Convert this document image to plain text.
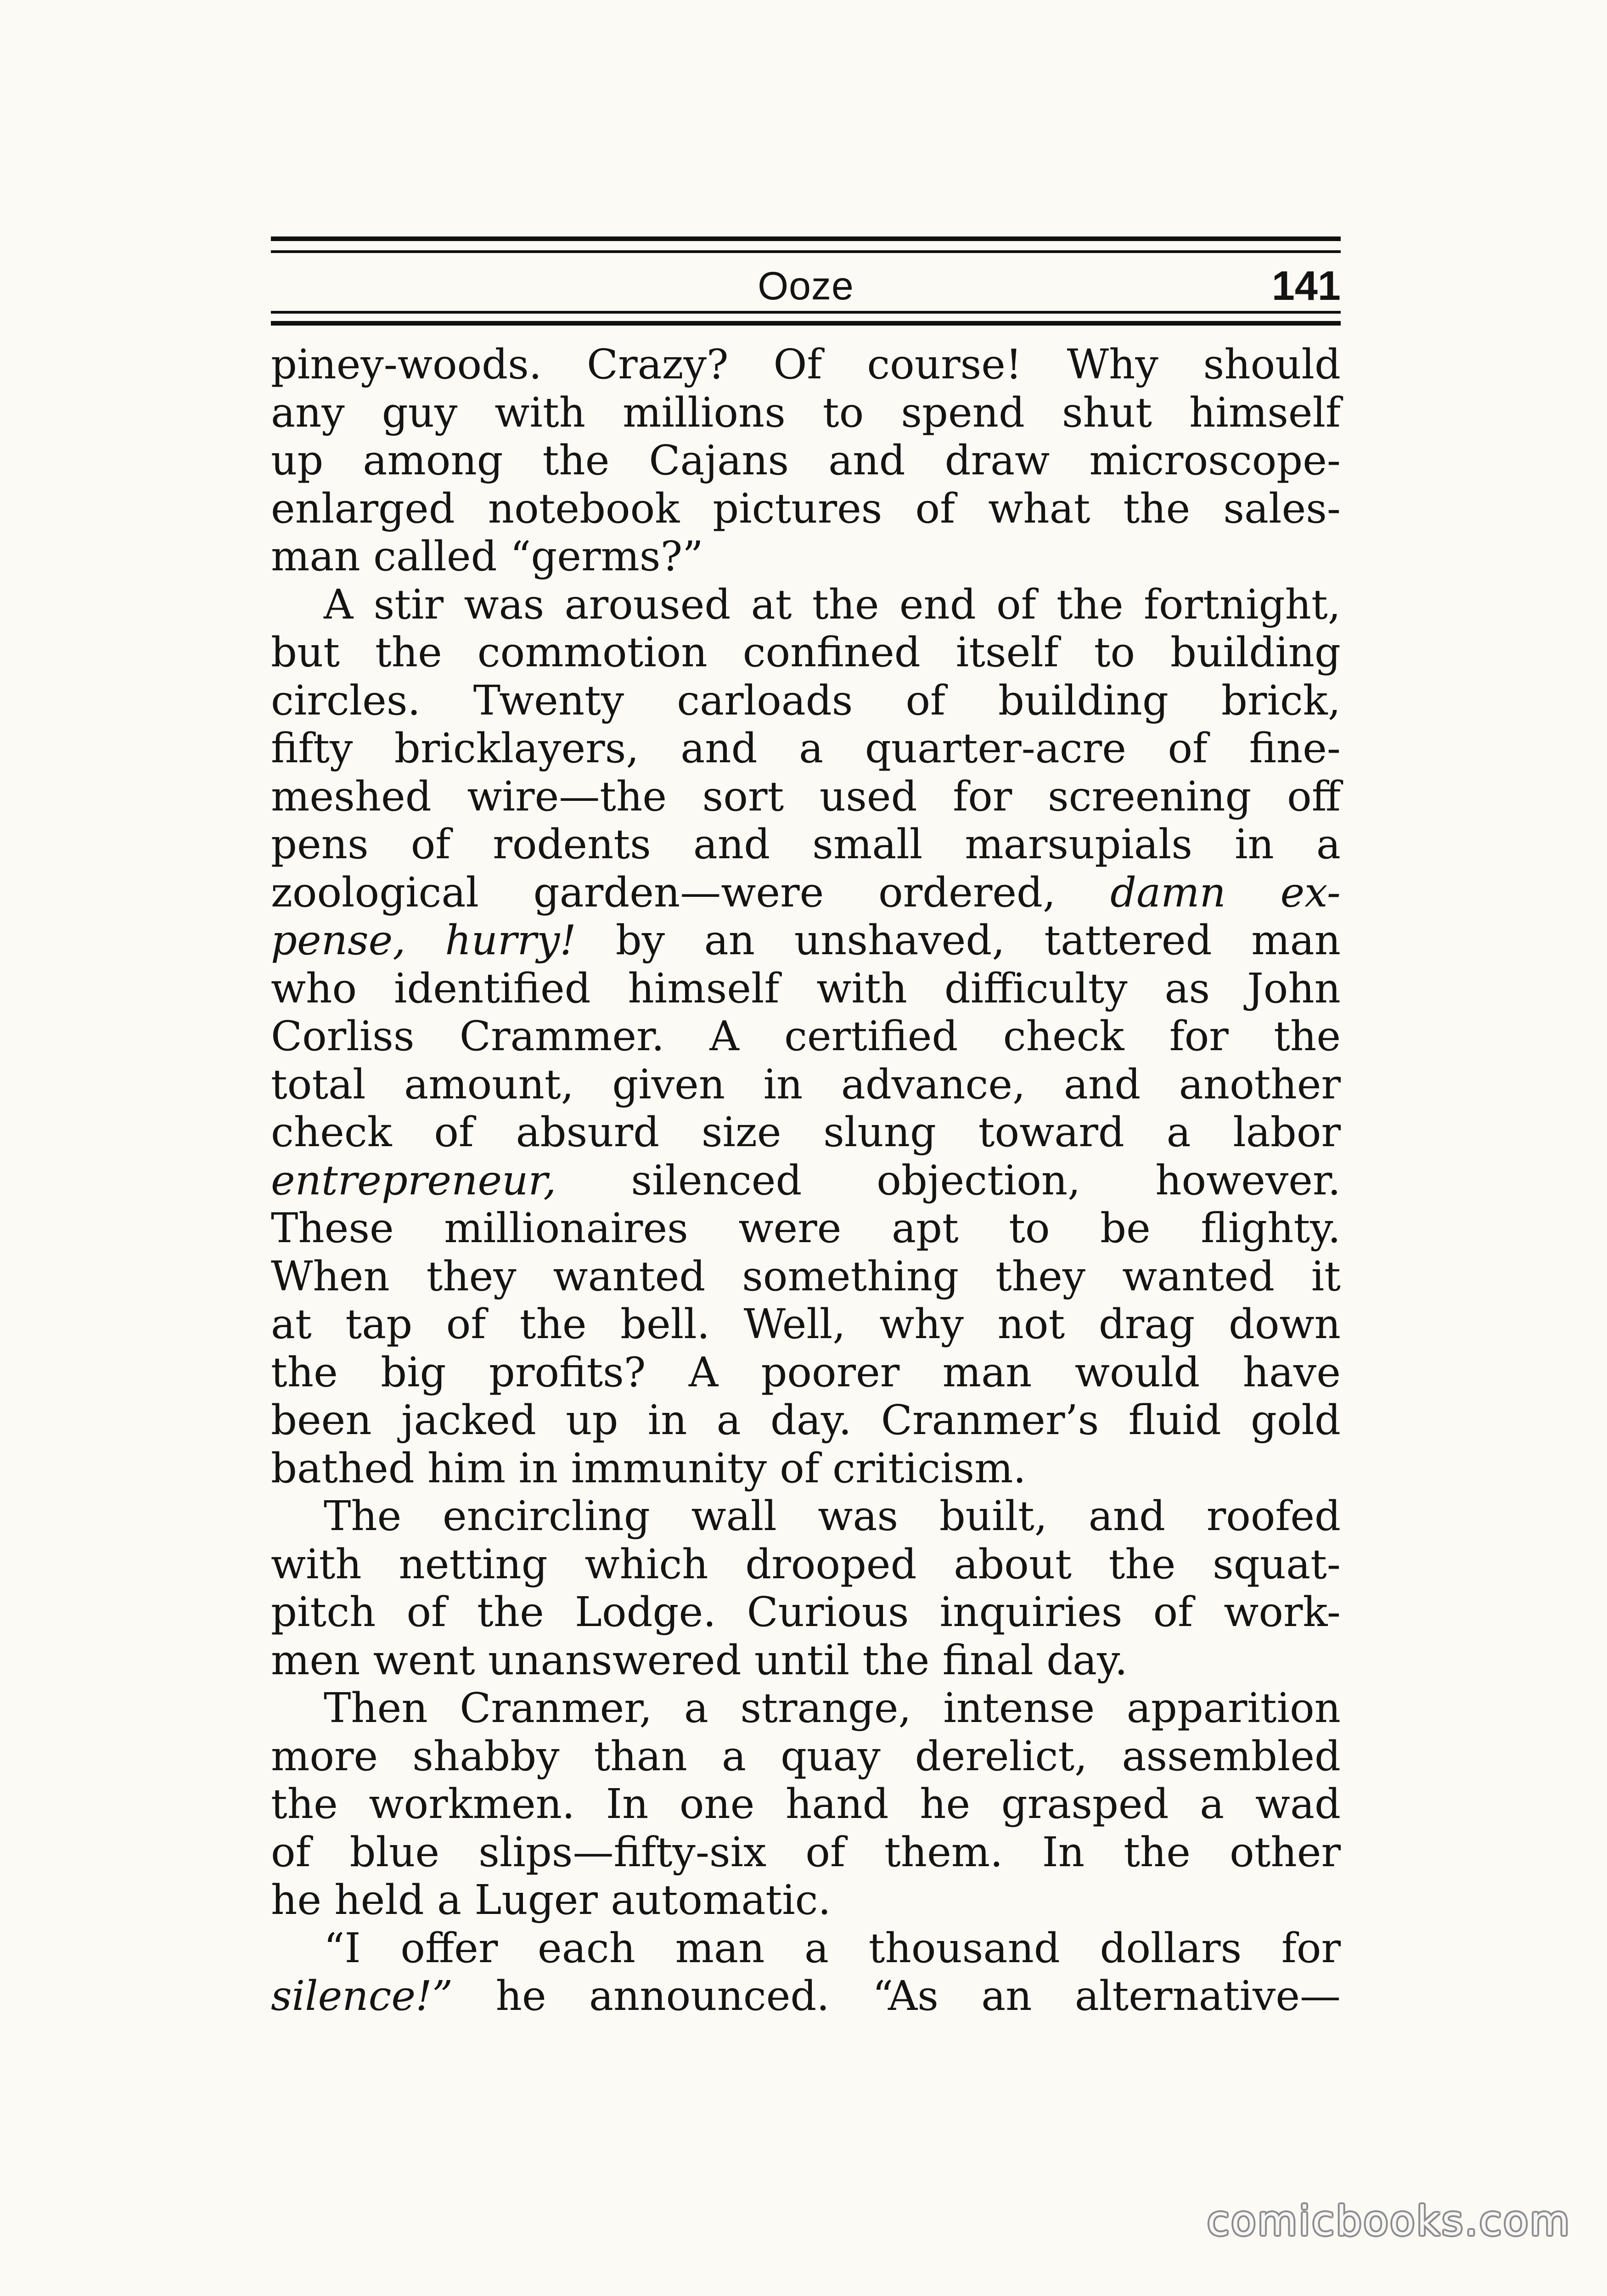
Ooze	141
piney-woods. Crazy? Of course! Why should
any guy with millions to spend shut himself
up among the Cajans and draw microscope-
enlarged notebook pictures of what the sales-
man called “germs?”
A stir was aroused at the end of the fortnight,
but the commotion confined itself to building
circles. Twenty carloads of building brick,
fifty bricklayers, and a quarter-acre of fine-
meshed wire—the sort used for screening off
pens of rodents and small marsupials in a
zoological garden—were ordered, damn ex-
pense, hurry! by an unshaved, tattered man
who identified himself with difficulty as John
Corliss Crammer. A certified check for the
total amount, given in advance, and another
check of absurd size slung toward a labor
entrepreneur, silenced objection, however.
These millionaires were apt to be flighty.
When they wanted something they wanted it
at tap of the bell. Well, why not drag down
the big profits? A poorer man would have
been jacked up in a day. Cranmer’s fluid gold
bathed him in immunity of criticism.
The encircling wall was built, and roofed
with netting which drooped about the squat-
pitch of the Lodge. Curious inquiries of work-
men went unanswered until the final day.
Then Cranmer, a strange, intense apparition
more shabby than a quay derelict, assembled
the workmen. In one hand he grasped a wad
of blue slips—fifty-six of them. In the other
he held a Luger automatic.
“I offer each man a thousand dollars for
silence!” he announced. “As an alternative—
comicbooks.com
